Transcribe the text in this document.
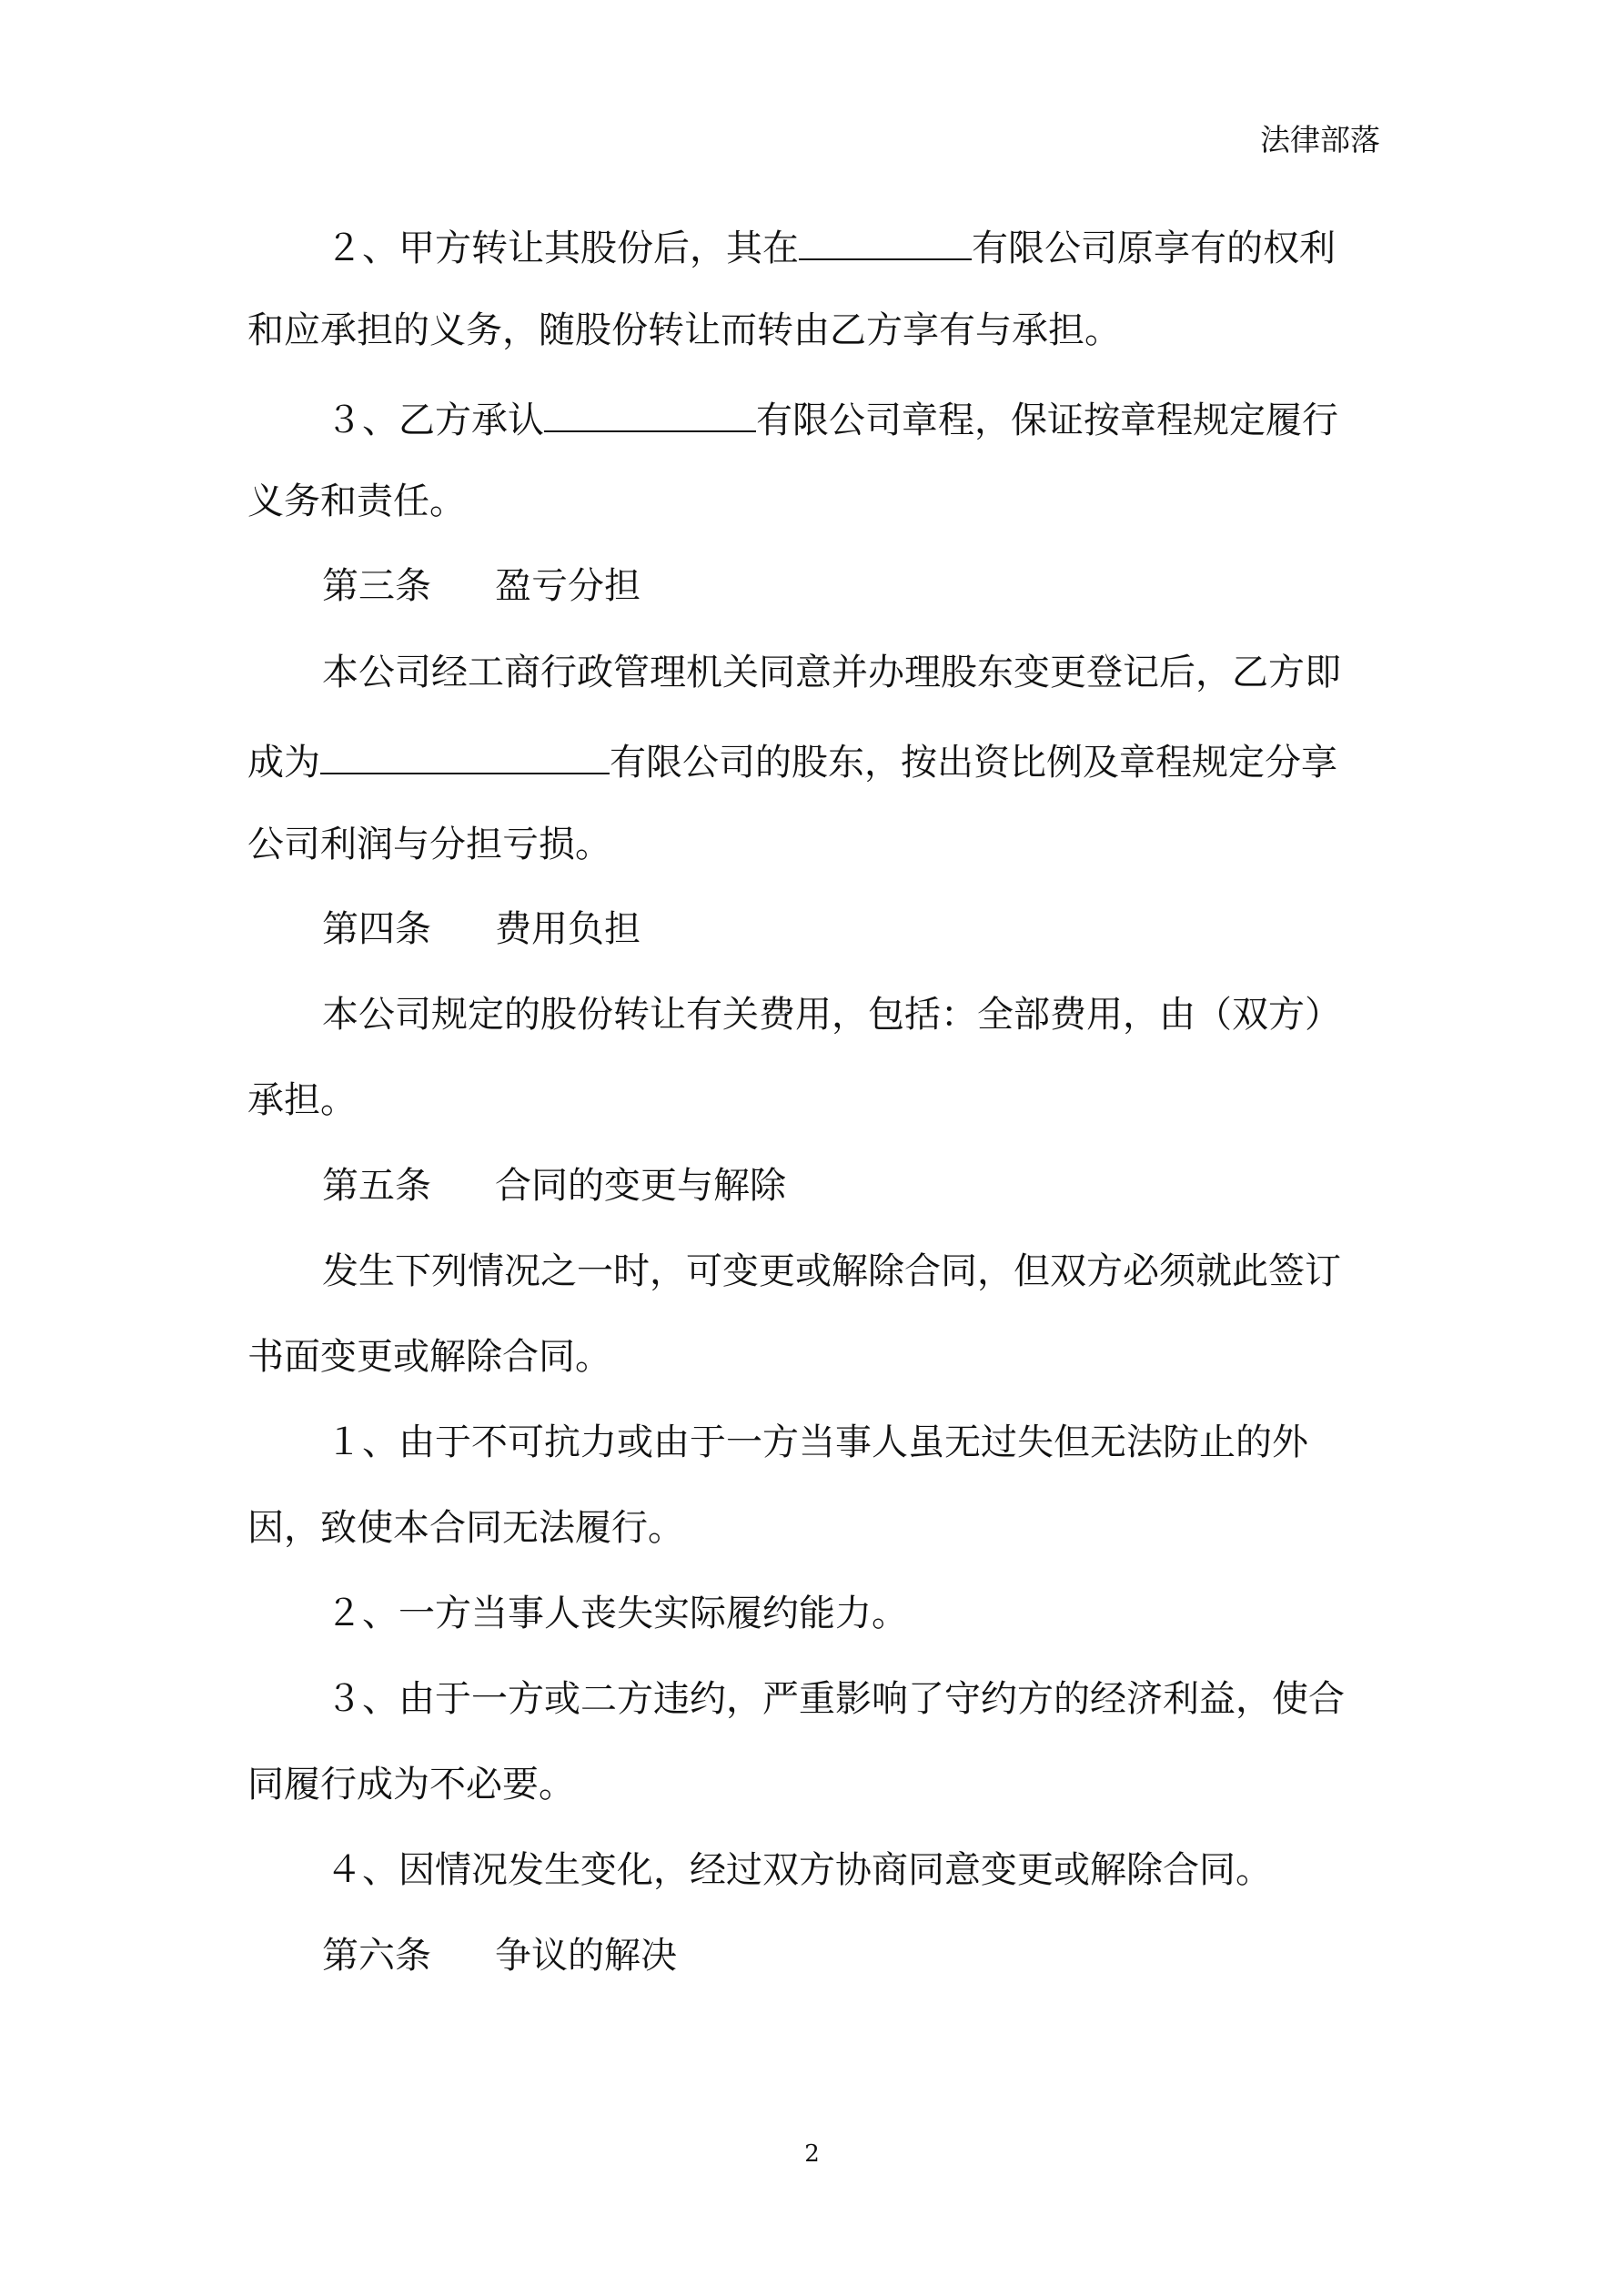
法律部落
２、甲方转让其股份后，其在	有限公司原享有的权利
和应承担的义务，随股份转让而转由乙方享有与承担。
３、乙方承认	有限公司章程，保证按章程规定履行
义务和责任。
第三条 盈亏分担
本公司经工商行政管理机关同意并办理股东变更登记后，乙方即
成为	有限公司的股东，按出资比例及章程规定分享
公司利润与分担亏损。
第四条 费用负担
本公司规定的股份转让有关费用，包括：全部费用，由（双方）
承担。
第五条 合同的变更与解除
发生下列情况之一时，可变更或解除合同，但双方必须就此签订
书面变更或解除合同。
１、由于不可抗力或由于一方当事人虽无过失但无法防止的外
因，致使本合同无法履行。
２、一方当事人丧失实际履约能力。
３、由于一方或二方违约，严重影响了守约方的经济利益，使合
同履行成为不必要。
４、因情况发生变化，经过双方协商同意变更或解除合同。
第六条 争议的解决
2
